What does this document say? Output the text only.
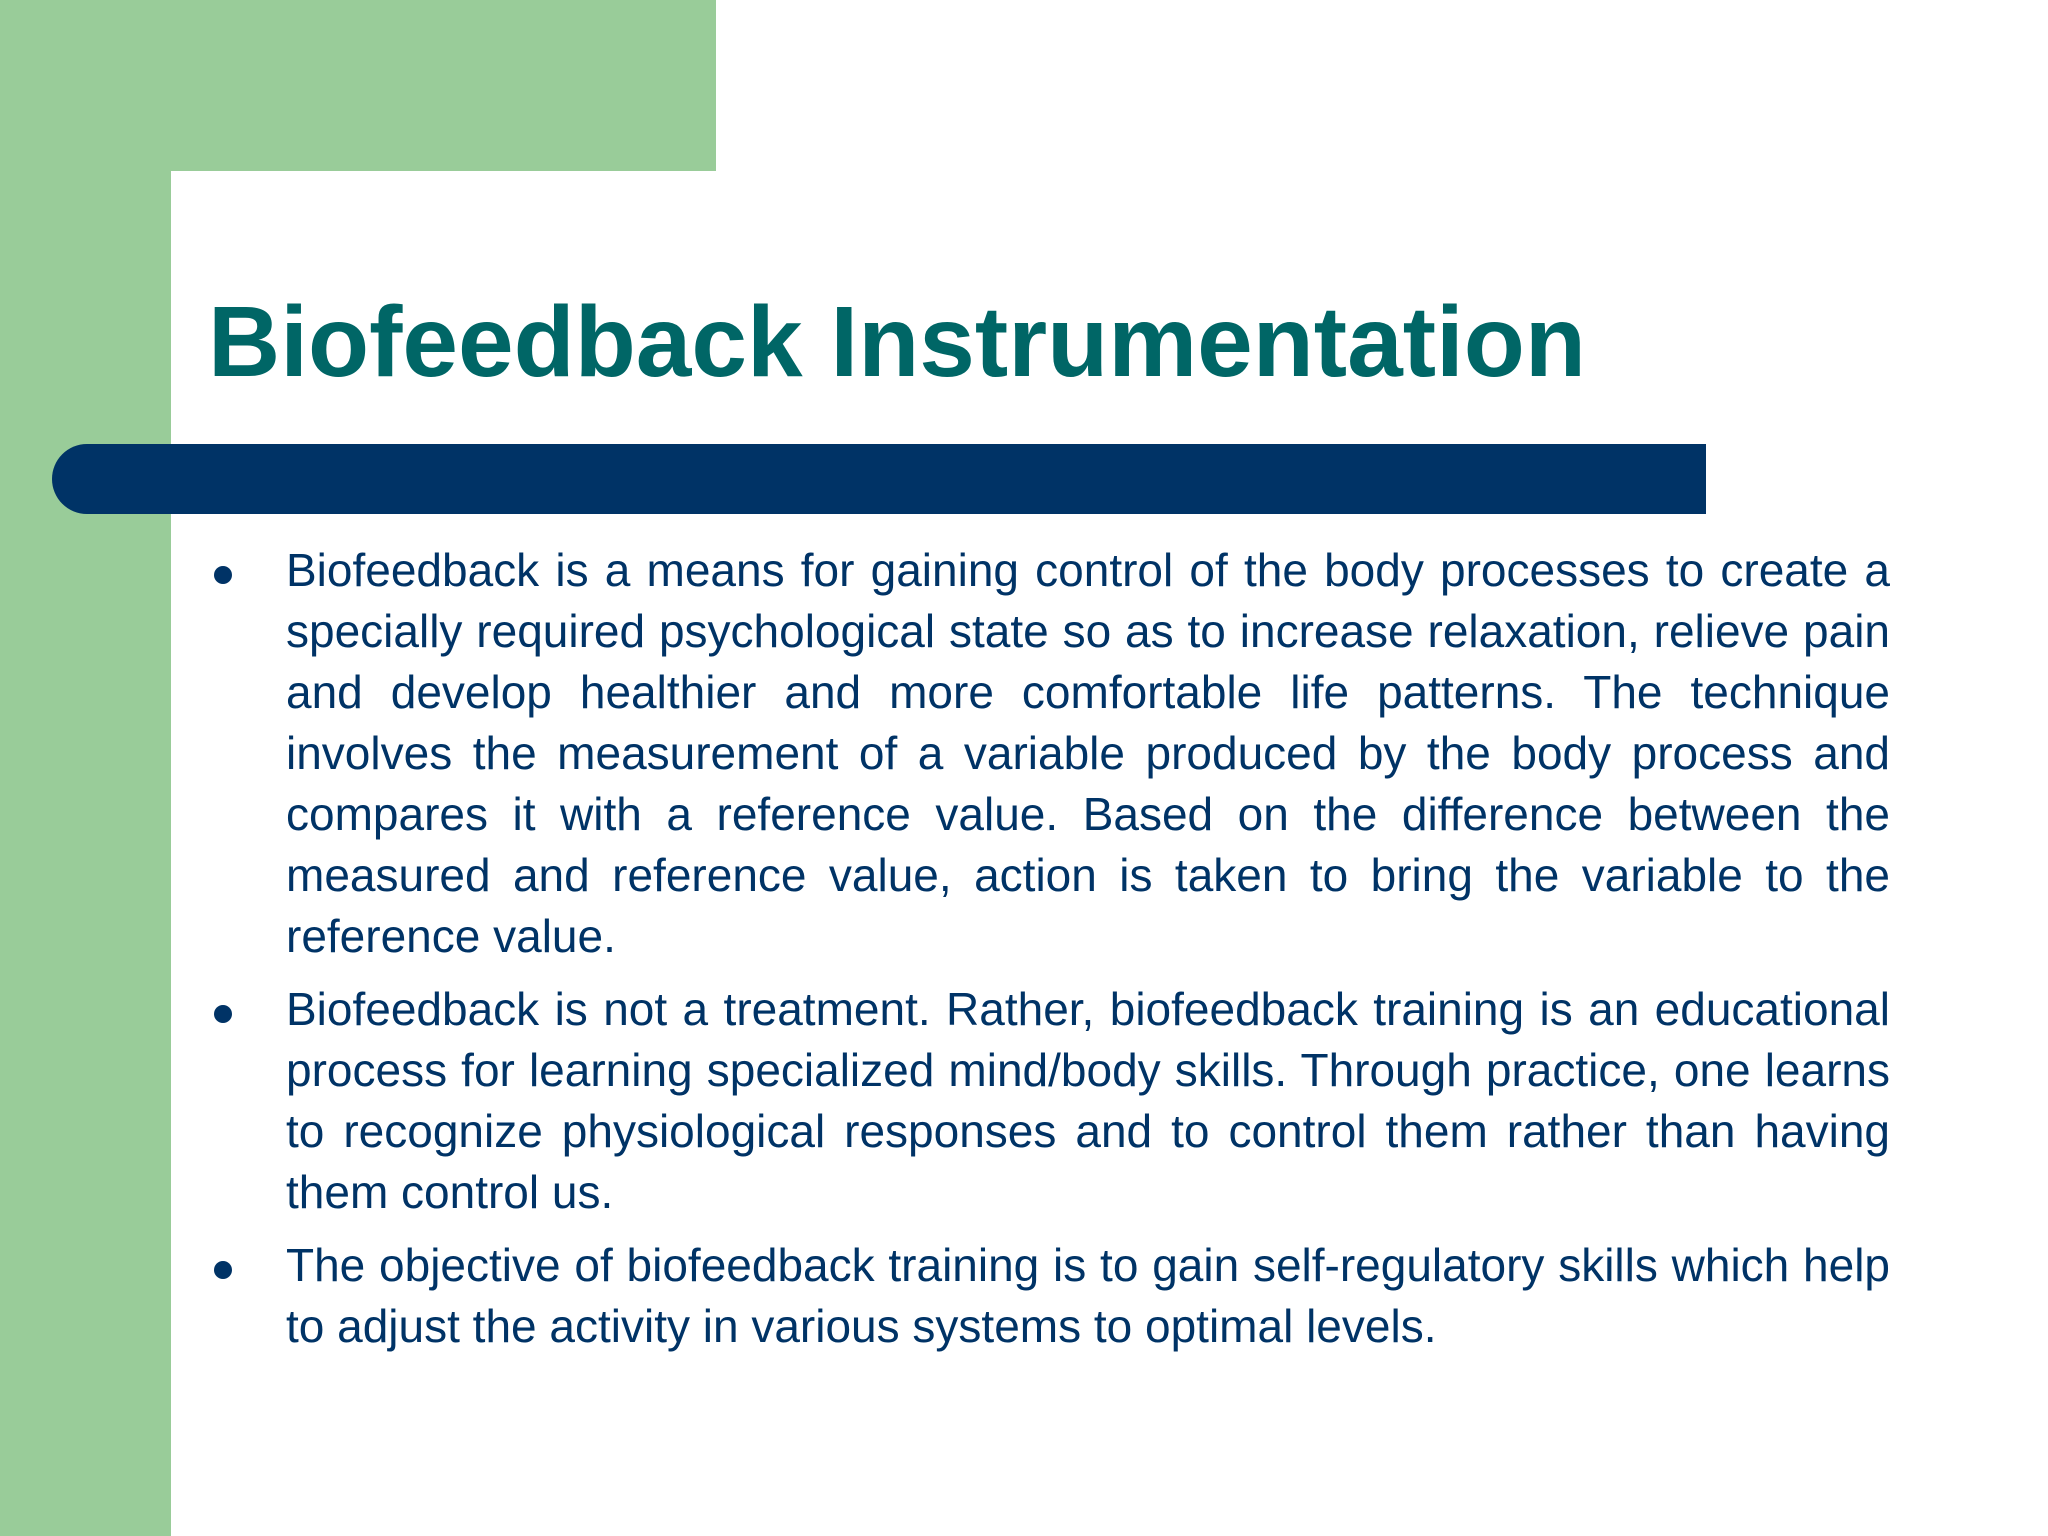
Biofeedback Instrumentation
Biofeedback is a means for gaining control of the body processes to create a specially required psychological state so as to increase relaxation, relieve pain and develop healthier and more comfortable life patterns. The technique involves the measurement of a variable produced by the body process and compares it with a reference value. Based on the difference between the measured and reference value, action is taken to bring the variable to the reference value.
Biofeedback is not a treatment. Rather, biofeedback training is an educational process for learning specialized mind/body skills. Through practice, one learns to recognize physiological responses and to control them rather than having them control us.
The objective of biofeedback training is to gain self-regulatory skills which help to adjust the activity in various systems to optimal levels.
